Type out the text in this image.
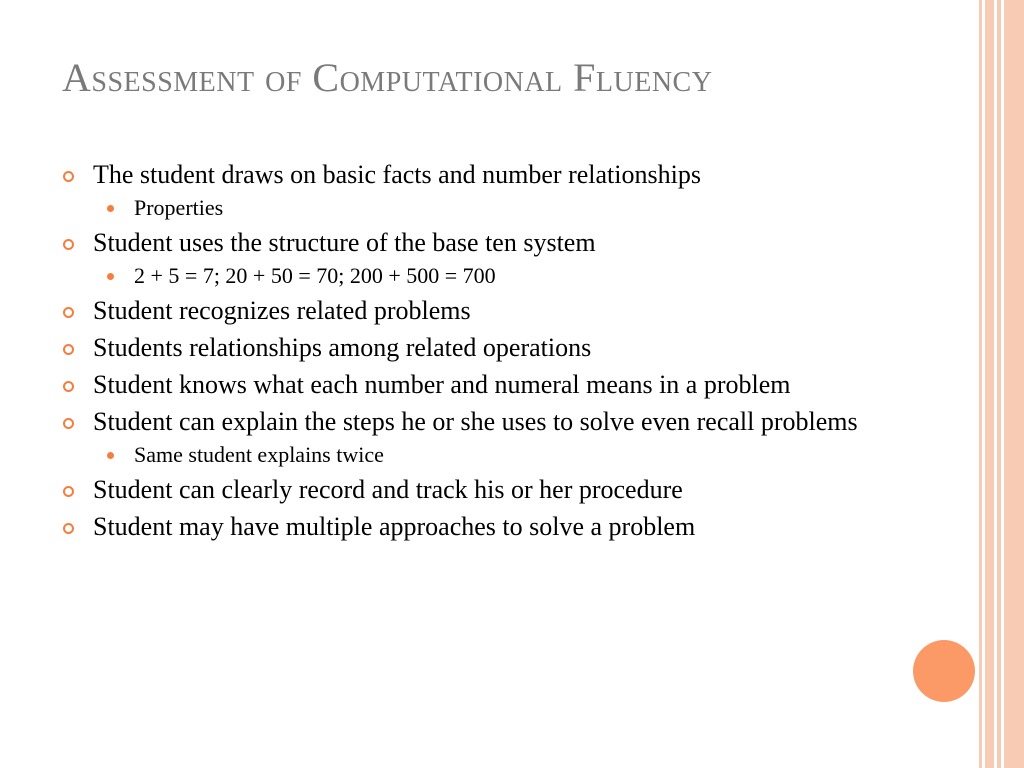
Assessment of Computational Fluency
The student draws on basic facts and number relationships
Properties
Student uses the structure of the base ten system
2 + 5 = 7; 20 + 50 = 70; 200 + 500 = 700
Student recognizes related problems
Students relationships among related operations
Student knows what each number and numeral means in a problem
Student can explain the steps he or she uses to solve even recall problems
Same student explains twice
Student can clearly record and track his or her procedure
Student may have multiple approaches to solve a problem
